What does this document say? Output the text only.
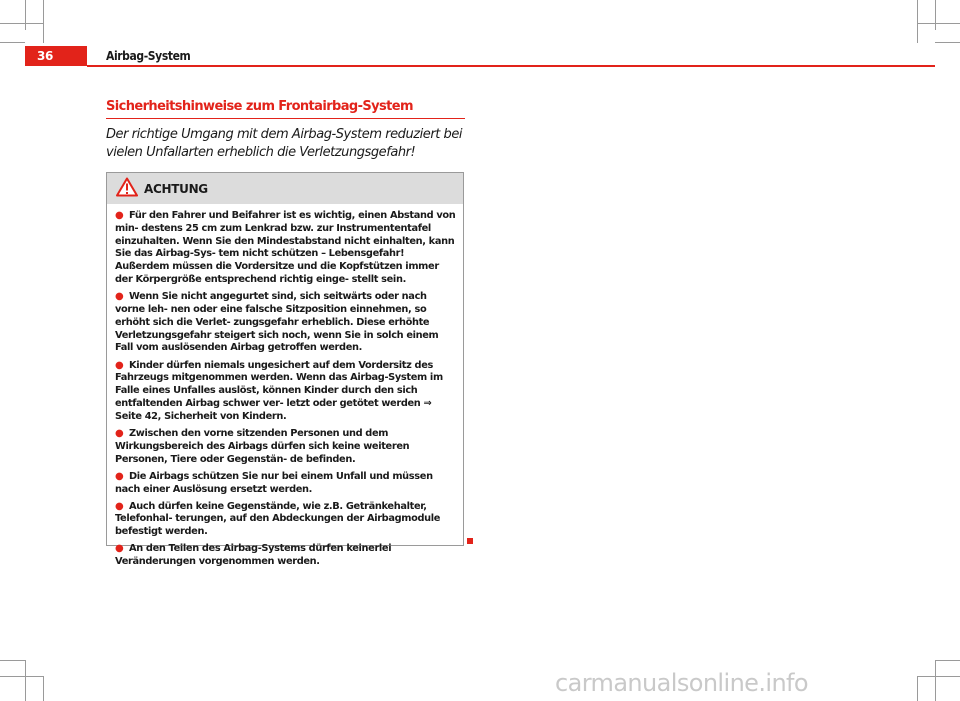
36	Airbag-System
Sicherheitshinweise zum Frontairbag-System
Der richtige Umgang mit dem Airbag-System reduziert bei vielen Unfallarten erheblich die Verletzungsgefahr!
ACHTUNG
● Für den Fahrer und Beifahrer ist es wichtig, einen Abstand von min- destens 25 cm zum Lenkrad bzw. zur Instrumententafel einzuhalten. Wenn Sie den Mindestabstand nicht einhalten, kann Sie das Airbag-Sys- tem nicht schützen – Lebensgefahr! Außerdem müssen die Vordersitze und die Kopfstützen immer der Körpergröße entsprechend richtig einge- stellt sein.
● Wenn Sie nicht angegurtet sind, sich seitwärts oder nach vorne leh- nen oder eine falsche Sitzposition einnehmen, so erhöht sich die Verlet- zungsgefahr erheblich. Diese erhöhte Verletzungsgefahr steigert sich noch, wenn Sie in solch einem Fall vom auslösenden Airbag getroffen werden.
● Kinder dürfen niemals ungesichert auf dem Vordersitz des Fahrzeugs mitgenommen werden. Wenn das Airbag-System im Falle eines Unfalles auslöst, können Kinder durch den sich entfaltenden Airbag schwer ver- letzt oder getötet werden ⇒ Seite 42, Sicherheit von Kindern.
● Zwischen den vorne sitzenden Personen und dem Wirkungsbereich des Airbags dürfen sich keine weiteren Personen, Tiere oder Gegenstän- de befinden.
● Die Airbags schützen Sie nur bei einem Unfall und müssen nach einer Auslösung ersetzt werden.
● Auch dürfen keine Gegenstände, wie z.B. Getränkehalter, Telefonhal- terungen, auf den Abdeckungen der Airbagmodule befestigt werden.
● An den Teilen des Airbag-Systems dürfen keinerlei Veränderungen vorgenommen werden.
carmanualsonline.info
